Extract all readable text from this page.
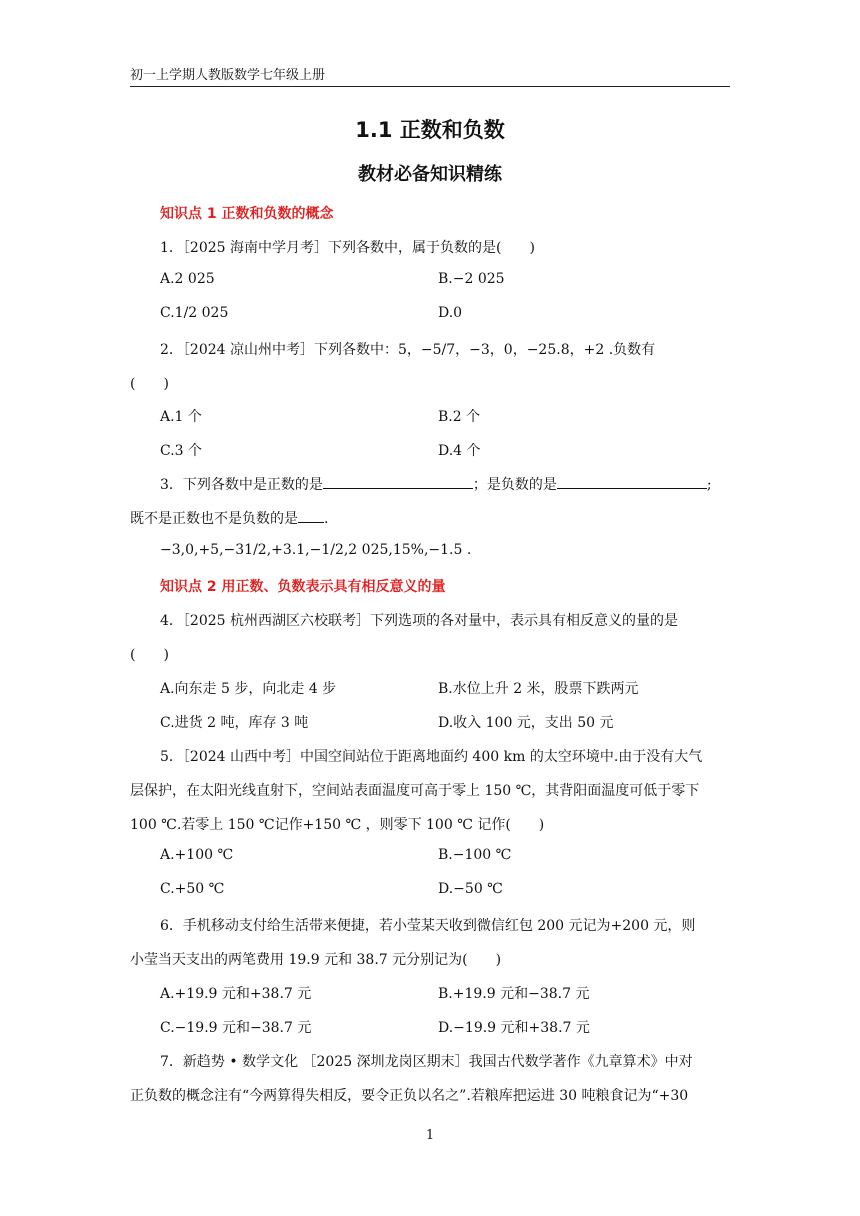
初一上学期人教版数学七年级上册
1.1 正数和负数
教材必备知识精练
知识点 1 正数和负数的概念
1．［2025 海南中学月考］下列各数中，属于负数的是(　　)
A.2 025	B.−2 025
C.1/2 025	D.0
2．［2024 凉山州中考］下列各数中：5，−5/7，−3，0，−25.8，+2 .负数有
(　　)
A.1 个	B.2 个
C.3 个	D.4 个
3．下列各数中是正数的是	；是负数的是	;
既不是正数也不是负数的是 .
−3,0,+5,−31/2,+3.1,−1/2,2 025,15%,−1.5 .
知识点 2 用正数、负数表示具有相反意义的量
4．［2025 杭州西湖区六校联考］下列选项的各对量中，表示具有相反意义的量的是
(　　)
A.向东走 5 步，向北走 4 步	B.水位上升 2 米，股票下跌两元
C.进货 2 吨，库存 3 吨	D.收入 100 元，支出 50 元
5．［2024 山西中考］中国空间站位于距离地面约 400 km 的太空环境中.由于没有大气
层保护，在太阳光线直射下，空间站表面温度可高于零上 150 ℃，其背阳面温度可低于零下
100 ℃.若零上 150 ℃记作+150 ℃ ，则零下 100 ℃ 记作(　　)
A.+100 ℃	B.−100 ℃
C.+50 ℃	D.−50 ℃
6．手机移动支付给生活带来便捷，若小莹某天收到微信红包 200 元记为+200 元，则
小莹当天支出的两笔费用 19.9 元和 38.7 元分别记为(　　)
A.+19.9 元和+38.7 元	B.+19.9 元和−38.7 元
C.−19.9 元和−38.7 元	D.−19.9 元和+38.7 元
7．新趋势 • 数学文化 ［2025 深圳龙岗区期末］我国古代数学著作《九章算术》中对
正负数的概念注有“今两算得失相反，要令正负以名之”.若粮库把运进 30 吨粮食记为“+30
1
